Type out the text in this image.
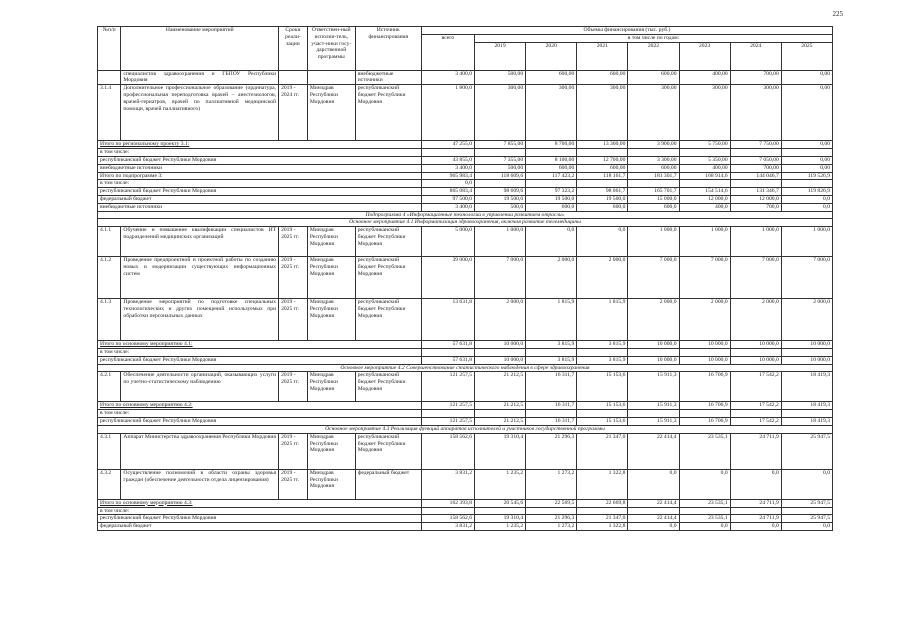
225
№п/п	Наименование мероприятий	Сроки реали-зации	Ответствен-ный исполни-тель, участ-ники госу-дарственной программы	Источник финансирования	Объемы финансирования (тыс. руб.)							
					всего	в том числе по годам:						
						2019	2020	2021	2022	2023	2024	2025
	специалистов здравоохранения и ГБПОУ Республики Мордовия			внебюджетные источники	3 400,0	500,00	600,00	600,00	600,00	400,00	700,00	0,00
3.1.4	Дополнительное профессиональное образование (ординатура, профессиональная переподготовка врачей – анестезиологов, врачей-гериатров, врачей по паллиативной медицинской помощи, врачей паллиативного)	2019 - 2024 гг.	Минздрав Республики Мордовия	республиканский бюджет Республики Мордовия	1 800,0	300,00	300,00	300,00	300,00	300,00	300,00	0,00
Итого по региональному проекту 3.1:					47 255,0	7 855,00	8 700,00	13 300,00	3 900,00	5 750,00	7 750,00	0,00
в том числе:												
республиканский бюджет Республики Мордовия					43 855,0	7 355,00	8 100,00	12 700,00	3 300,00	5 350,00	7 050,00	0,00
внебюджетные источники					3 400,0	500,00	600,00	600,00	600,00	400,00	700,00	0,00
Итого по подпрограмме 3:					965 983,4	118 609,6	117 423,2	118 161,7	181 301,7	168 914,6	144 046,7	119 526,9
в том числе:					0,0							
республиканский бюджет Республики Мордовия					865 083,4	98 609,6	97 323,2	98 061,7	165 701,7	154 514,6	131 346,7	119 826,9
федеральный бюджет					97 500,0	19 500,0	19 500,0	19 500,0	15 000,0	12 000,0	12 000,0	0,0
внебюджетные источники					3 400,0	500,0	600,0	600,0	600,0	400,0	700,0	0,0
Подпрограмма 4 «Информационные технологии в управлении развитием отрасли»												
Основное мероприятие 4.1 Информатизация здравоохранения, включая развитие телемедицины												
4.1.1	Обучение и повышение квалификации специалистов ИТ подразделений медицинских организаций	2019 - 2025 гг.	Минздрав Республики Мордовия	республиканский бюджет Республики Мордовия	5 000,0	1 000,0	0,0	0,0	1 000,0	1 000,0	1 000,0	1 000,0
4.1.2	Проведение предпроектной и проектной работы по созданию новых и модернизации существующих информационных систем	2019 - 2025 гг.	Минздрав Республики Мордовия	республиканский бюджет Республики Мордовия	39 000,0	7 000,0	2 000,0	2 000,0	7 000,0	7 000,0	7 000,0	7 000,0
4.1.3	Проведение мероприятий по подготовке специальных технологических и других помещений используемых при обработки персональных данных	2019 - 2025 гг.	Минздрав Республики Мордовия	республиканский бюджет Республики Мордовия	13 631,8	2 000,0	1 815,9	1 815,9	2 000,0	2 000,0	2 000,0	2 000,0
Итого по основному мероприятию 4.1:					57 631,8	10 000,0	3 815,9	3 815,9	10 000,0	10 000,0	10 000,0	10 000,0
в том числе:												
республиканский бюджет Республики Мордовия					57 631,8	10 000,0	3 815,9	3 815,9	10 000,0	10 000,0	10 000,0	10 000,0
Основное мероприятие 4.2 Совершенствование статистического наблюдения в сфере здравоохранения												
4.2.1	Обеспечение деятельности организаций, оказывающих услуги по учетно-статистическому наблюдению	2019 - 2025 гг.	Минздрав Республики Мордовия	республиканский бюджет Республики Мордовия	121 257,5	21 212,5	16 311,7	15 153,6	15 911,3	16 706,9	17 542,2	18 419,3
Итого по основному мероприятию 4.2:					121 257,5	21 212,5	16 311,7	15 153,6	15 911,3	16 706,9	17 542,2	18 419,3
в том числе:												
республиканский бюджет Республики Мордовия					121 257,5	21 212,5	16 311,7	15 153,6	15 911,3	16 706,9	17 542,2	18 419,3
Основное мероприятие 4.3 Реализация функций аппаратов исполнителей и участников государственной программы												
4.3.1	Аппарат Министерства здравоохранения Республики Мордовия	2019 - 2025 гг.	Минздрав Республики Мордовия	республиканский бюджет Республики Мордовия	158 562,6	19 310,4	21 296,3	21 347,0	22 414,4	23 535,1	24 711,9	25 947,5
4.3.2	Осуществление полномочий в области охраны здоровья граждан (обеспечение деятельности отдела лицензирования)	2019 - 2025 гг.	Минздрав Республики Мордовия	федеральный бюджет	3 831,2	1 235,2	1 273,2	1 322,8	0,0	0,0	0,0	0,0
Итого по основному мероприятию 4.3:					162 393,8	20 545,6	22 569,5	22 669,8	22 414,4	23 535,1	24 711,9	25 947,5
в том числе:												
республиканский бюджет Республики Мордовия					158 562,6	19 310,4	21 296,3	21 347,0	22 414,4	23 535,1	24 711,9	25 947,5
федеральный бюджет					3 831,2	1 235,2	1 273,2	1 322,8	0,0	0,0	0,0	0,0
